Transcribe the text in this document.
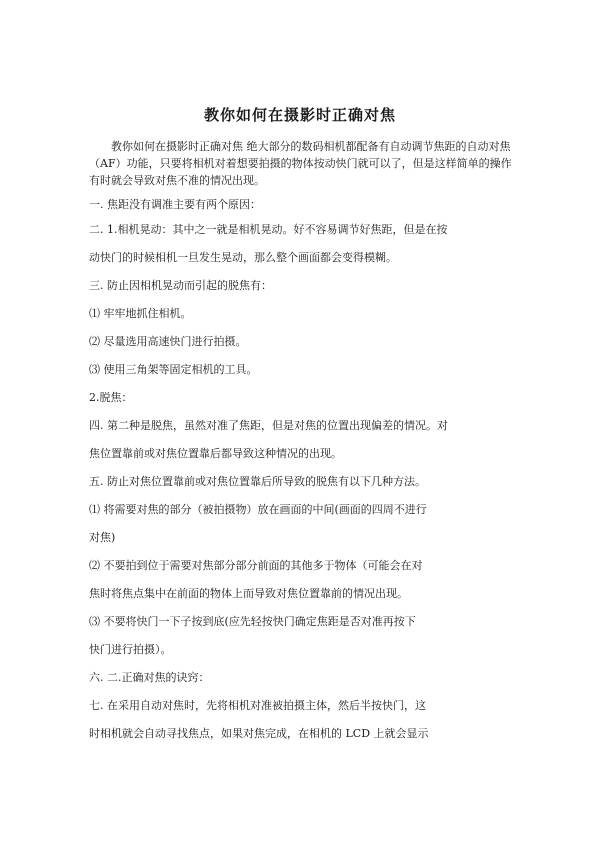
教你如何在摄影时正确对焦

教你如何在摄影时正确对焦 绝大部分的数码相机都配备有自动调节焦距的自动对焦（AF）功能，只要将相机对着想要拍摄的物体按动快门就可以了，但是这样简单的操作有时就会导致对焦不准的情况出现。

一. 焦距没有调准主要有两个原因：

二. 1.相机晃动：其中之一就是相机晃动。好不容易调节好焦距，但是在按

动快门的时候相机一旦发生晃动，那么整个画面都会变得模糊。

三. 防止因相机晃动而引起的脱焦有：

⑴ 牢牢地抓住相机。

⑵ 尽量选用高速快门进行拍摄。

⑶ 使用三角架等固定相机的工具。

2.脱焦：

四. 第二种是脱焦，虽然对准了焦距，但是对焦的位置出现偏差的情况。对

焦位置靠前或对焦位置靠后都导致这种情况的出现。

五. 防止对焦位置靠前或对焦位置靠后所导致的脱焦有以下几种方法。

⑴ 将需要对焦的部分（被拍摄物）放在画面的中间(画面的四周不进行

对焦)

⑵ 不要拍到位于需要对焦部分部分前面的其他多于物体（可能会在对

焦时将焦点集中在前面的物体上而导致对焦位置靠前的情况出现。

⑶ 不要将快门一下子按到底(应先轻按快门确定焦距是否对准再按下

快门进行拍摄）。

六. 二.正确对焦的诀窍：

七. 在采用自动对焦时，先将相机对准被拍摄主体，然后半按快门，这

时相机就会自动寻找焦点，如果对焦完成，在相机的 LCD 上就会显示
